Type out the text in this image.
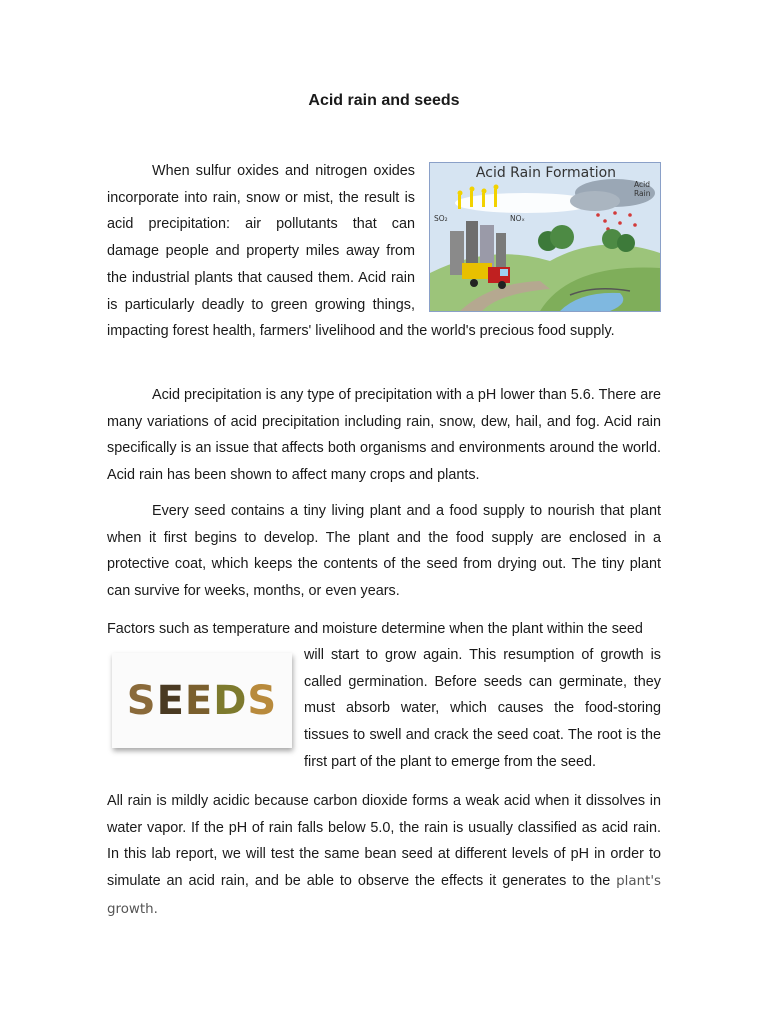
Acid rain and seeds
Acid Rain Formation
SO₂	NOₓ
Acid
Rain

When sulfur oxides and nitrogen oxides incorporate into rain, snow or mist, the result is acid precipitation: air pollutants that can damage people and property miles away from the industrial plants that caused them. Acid rain is particularly deadly to green growing things, impacting forest health, farmers' livelihood and the world's precious food supply.

Acid precipitation is any type of precipitation with a pH lower than 5.6. There are many variations of acid precipitation including rain, snow, dew, hail, and fog. Acid rain specifically is an issue that affects both organisms and environments around the world. Acid rain has been shown to affect many crops and plants.

Every seed contains a tiny living plant and a food supply to nourish that plant when it first begins to develop. The plant and the food supply are enclosed in a protective coat, which keeps the contents of the seed from drying out. The tiny plant can survive for weeks, months, or even years.

Factors such as temperature and moisture determine when the plant within the seed

SEEDS

will start to grow again. This resumption of growth is called germination. Before seeds can germinate, they must absorb water, which causes the food-storing tissues to swell and crack the seed coat. The root is the first part of the plant to emerge from the seed.

All rain is mildly acidic because carbon dioxide forms a weak acid when it dissolves in water vapor. If the pH of rain falls below 5.0, the rain is usually classified as acid rain. In this lab report, we will test the same bean seed at different levels of pH in order to simulate an acid rain, and be able to observe the effects it generates to the plant's growth.
